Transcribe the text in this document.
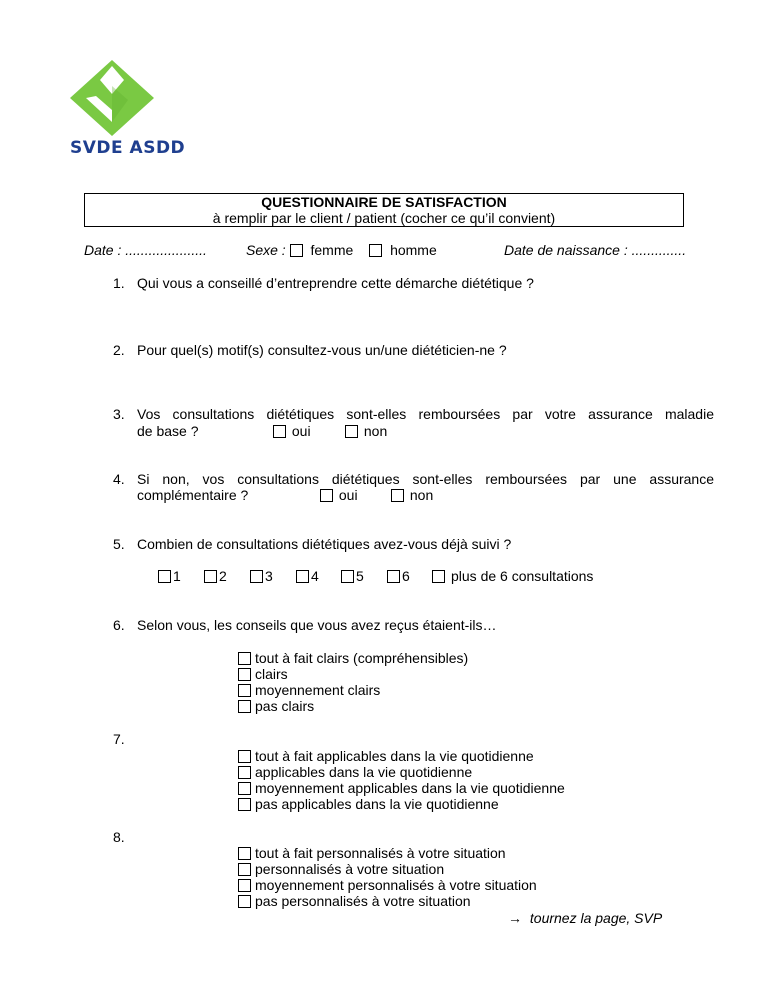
SVDE ASDD
QUESTIONNAIRE DE SATISFACTION
à remplir par le client / patient (cocher ce qu’il convient)
Date : .....................	Sexe : femme	homme	Date de naissance : ..............
1. Qui vous a conseillé d’entreprendre cette démarche diététique ?
2. Pour quel(s) motif(s) consultez-vous un/une diététicien-ne ?
3. Vos consultations diététiques sont-elles remboursées par votre assurance maladie
de base ?	oui	non
4. Si non, vos consultations diététiques sont-elles remboursées par une assurance
complémentaire ?	oui	non
5. Combien de consultations diététiques avez-vous déjà suivi ?
1	2	3	4	5	6	plus de 6 consultations
6. Selon vous, les conseils que vous avez reçus étaient-ils…
tout à fait clairs (compréhensibles)
clairs
moyennement clairs
pas clairs
7.
tout à fait applicables dans la vie quotidienne
applicables dans la vie quotidienne
moyennement applicables dans la vie quotidienne
pas applicables dans la vie quotidienne
8.
tout à fait personnalisés à votre situation
personnalisés à votre situation
moyennement personnalisés à votre situation
pas personnalisés à votre situation
→ tournez la page, SVP
